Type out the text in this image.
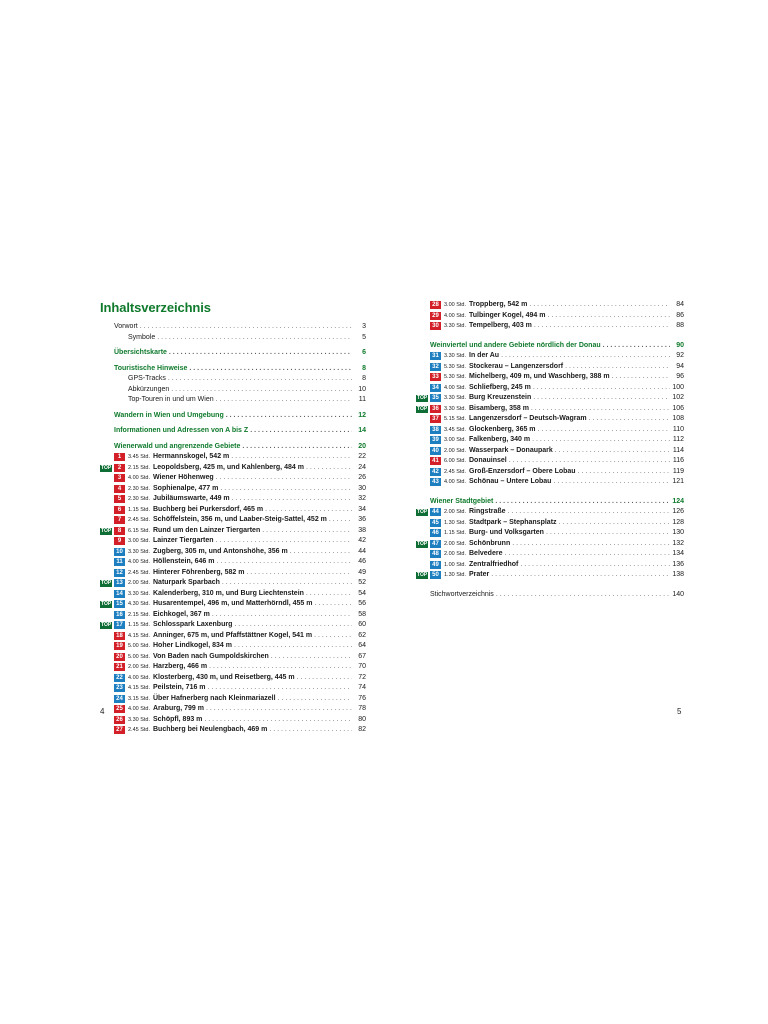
Inhaltsverzeichnis
Vorwort . . .	3
Symbole . . .	5
Übersichtskarte . . .	6
Touristische Hinweise . . .	8
GPS-Tracks . . .	8
Abkürzungen . . .	10
Top-Touren in und um Wien . . .	11
Wandern in Wien und Umgebung . . .	12
Informationen und Adressen von A bis Z . . .	14
Wienerwald und angrenzende Gebiete . . .	20
1	3.45 Std. Hermannskogel, 542 m . . .	22
TOP	2	2.15 Std. Leopoldsberg, 425 m, und Kahlenberg, 484 m . . .	24
3	4.00 Std. Wiener Höhenweg . . .	26
4	2.30 Std. Sophienalpe, 477 m . . .	30
5	2.30 Std. Jubiläumswarte, 449 m . . .	32
6	1.15 Std. Buchberg bei Purkersdorf, 465 m . . .	34
7	2.45 Std. Schöffelstein, 356 m, und Laaber-Steig-Sattel, 452 m . . .	36
TOP	8	6.15 Std. Rund um den Lainzer Tiergarten . . .	38
9	3.00 Std. Lainzer Tiergarten . . .	42
10 3.30 Std. Zugberg, 305 m, und Antonshöhe, 356 m . . .	44
11 4.00 Std. Höllenstein, 646 m . . .	46
12 2.45 Std. Hinterer Föhrenberg, 582 m . . .	49
TOP 13 2.00 Std. Naturpark Sparbach . . .	52
14 3.30 Std. Kalenderberg, 310 m, und Burg Liechtenstein . . .	54
TOP 15 4.30 Std. Husarentempel, 496 m, und Matterhörndl, 455 m . . .	56
16 2.15 Std. Eichkogel, 367 m . . .	58
TOP 17 1.15 Std. Schlosspark Laxenburg . . .	60
18 4.15 Std. Anninger, 675 m, und Pfaffstättner Kogel, 541 m . . .	62
19 5.00 Std. Hoher Lindkogel, 834 m . . .	64
20 5.00 Std. Von Baden nach Gumpoldskirchen . . .	67
21 2.00 Std. Harzberg, 466 m . . .	70
22 4.00 Std. Klosterberg, 430 m, und Reisetberg, 445 m . . .	72
23 4.15 Std. Peilstein, 716 m . . .	74
24 3.15 Std. Über Hafnerberg nach Kleinmariazell . . .	76
25 4.00 Std. Araburg, 799 m . . .	78
26 3.30 Std. Schöpfl, 893 m . . .	80
27 2.45 Std. Buchberg bei Neulengbach, 469 m . . .	82
4
28 3.00 Std. Troppberg, 542 m . . .	84
29 4.00 Std. Tulbinger Kogel, 494 m . . .	86
30 3.30 Std. Tempelberg, 403 m . . .	88
Weinviertel und andere Gebiete nördlich der Donau . . .	90
31 3.30 Std. In der Au . . .	92
32 5.30 Std. Stockerau – Langenzersdorf . . .	94
33 5.30 Std. Michelberg, 409 m, und Waschberg, 388 m . . .	96
34 4.00 Std. Schliefberg, 245 m . . .	100
TOP 35 3.30 Std. Burg Kreuzenstein . . .	102
TOP 36 3.30 Std. Bisamberg, 358 m . . .	106
37 5.15 Std. Langenzersdorf – Deutsch-Wagram . . .	108
38 3.45 Std. Glockenberg, 365 m . . .	110
39 3.00 Std. Falkenberg, 340 m . . .	112
40 2.00 Std. Wasserpark – Donaupark . . .	114
41 6.00 Std. Donauinsel . . .	116
42 2.45 Std. Groß-Enzersdorf – Obere Lobau . . .	119
43 4.00 Std. Schönau – Untere Lobau . . .	121
Wiener Stadtgebiet . . .	124
TOP 44 2.00 Std. Ringstraße . . .	126
45 1.30 Std. Stadtpark – Stephansplatz . . .	128
46 1.15 Std. Burg- und Volksgarten . . .	130
TOP 47 2.00 Std. Schönbrunn . . .	132
48 2.00 Std. Belvedere . . .	134
49 1.00 Std. Zentralfriedhof . . .	136
TOP 50 1.30 Std. Prater . . .	138
Stichwortverzeichnis . . .	140
5
